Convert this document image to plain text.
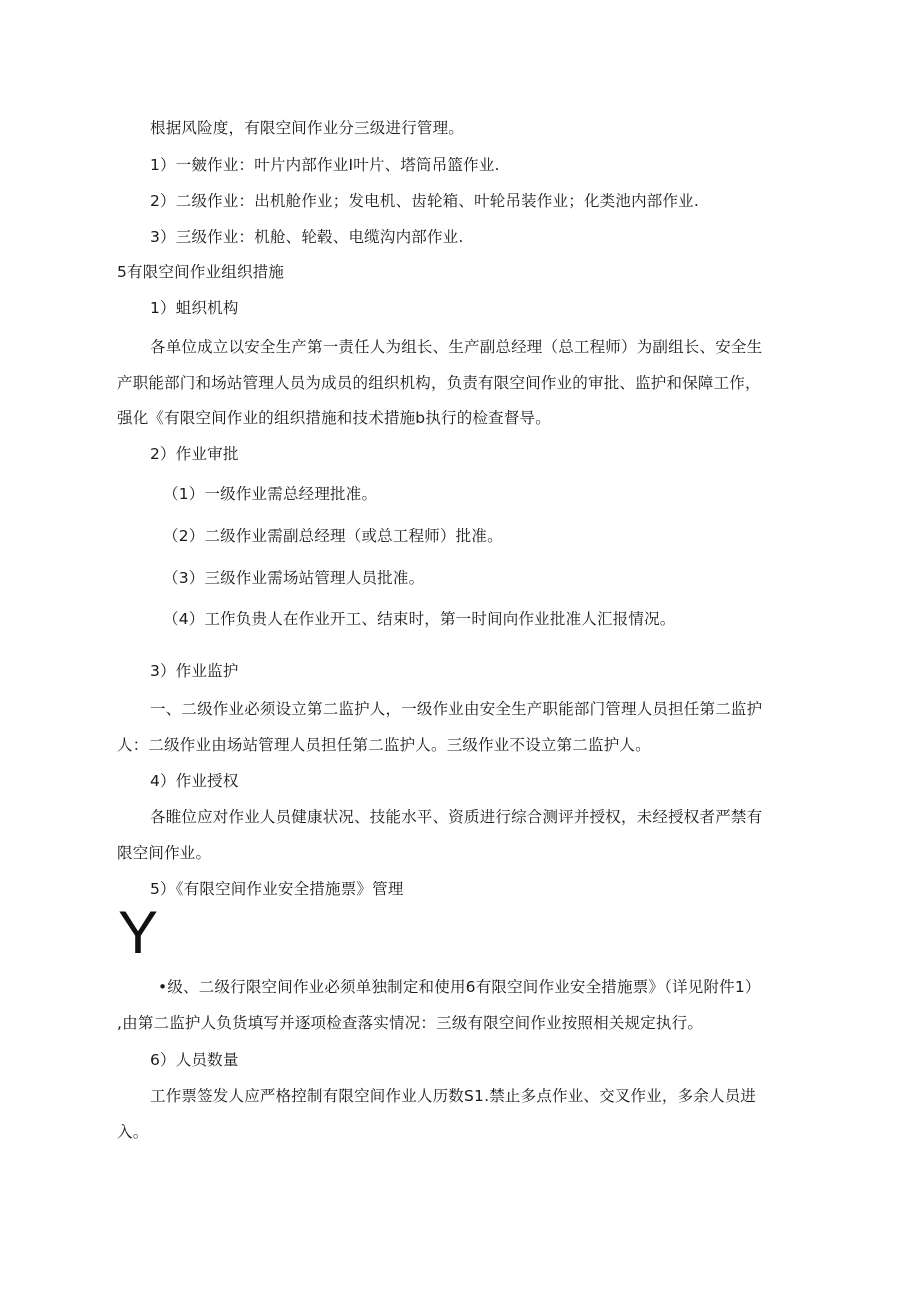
根据风险度，有限空间作业分三级进行管理。
1）一皴作业：叶片内部作业I叶片、塔筒吊篮作业.
2）二级作业：出机舱作业；发电机、齿轮箱、叶轮吊装作业；化类池内部作业.
3）三级作业：机舱、轮毂、电缆沟内部作业.
5有限空间作业组织措施
1）蛆织机构
各单位成立以安全生产第一责任人为组长、生产副总经理（总工程师）为副组长、安全生
产职能部门和场站管理人员为成员的组织机构，负责有限空间作业的审批、监护和保障工作，
强化《有限空间作业的组织措施和技术措施b执行的检查督导。
2）作业审批
（1）一级作业需总经理批准。
（2）二级作业需副总经理（或总工程师）批准。
（3）三级作业需场站管理人员批准。
（4）工作负贵人在作业开工、结束时，第一时间向作业批准人汇报情况。
3）作业监护
一、二级作业必须设立第二监护人，一级作业由安全生产职能部门管理人员担任第二监护
人：二级作业由场站管理人员担任第二监护人。三级作业不设立第二监护人。
4）作业授权
各睢位应对作业人员健康状况、技能水平、资质进行综合测评并授权，未经授权者严禁有
限空间作业。
5）《有限空间作业安全措施票》管理
Y
•级、二级行限空间作业必须单独制定和使用6有限空间作业安全措施票》（详见附件1）
,由第二监护人负货填写并逐项检查落实情况：三级有限空间作业按照相关规定执行。
6）人员数量
工作票签发人应严格控制有限空间作业人历数S1.禁止多点作业、交叉作业，多余人员进
入。
